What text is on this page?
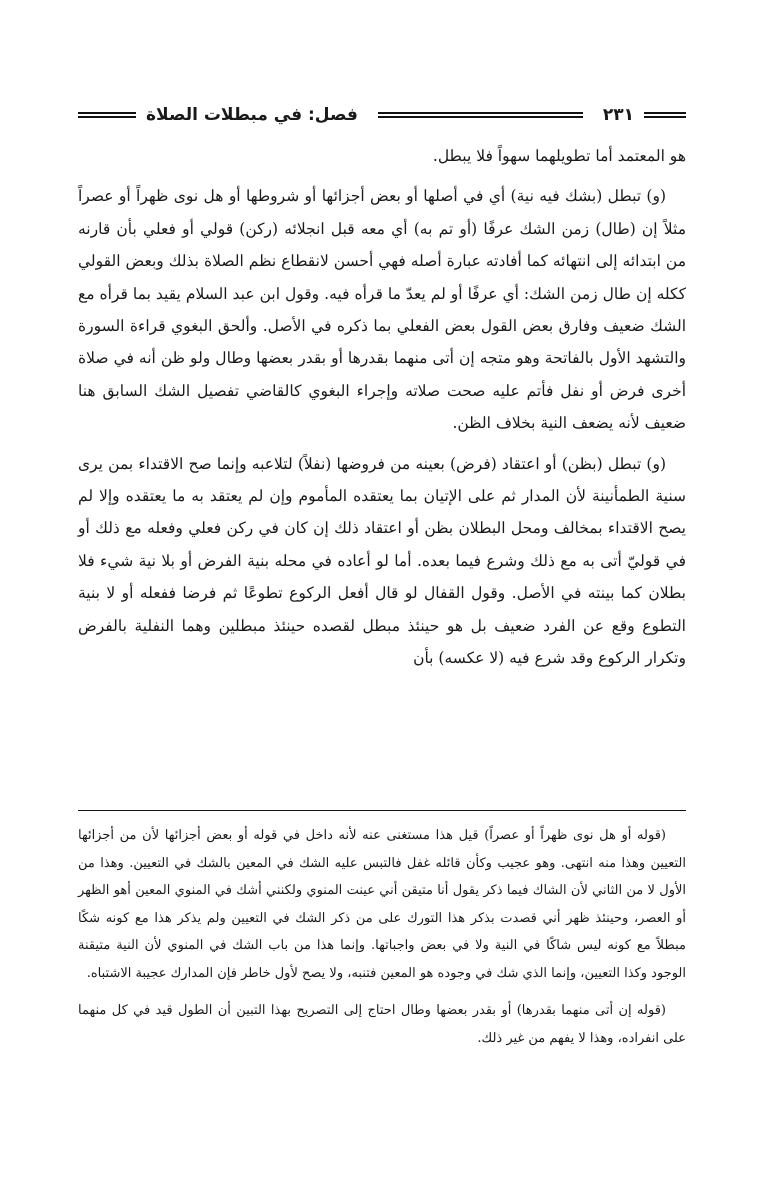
فصل: في مبطلات الصلاة	٢٣١

هو المعتمد أما تطويلهما سهواً فلا يبطل.

(و) تبطل (بشك فيه نية) أي في أصلها أو بعض أجزائها أو شروطها أو هل نوى ظهراً أو عصراً مثلاً إن (طال) زمن الشك عرفًا (أو تم به) أي معه قبل انجلائه (ركن) قولي أو فعلي بأن قارنه من ابتدائه إلى انتهائه كما أفادته عبارة أصله فهي أحسن لانقطاع نظم الصلاة بذلك وبعض القولي ككله إن طال زمن الشك: أي عرفًا أو لم يعدّ ما قرأه فيه. وقول ابن عبد السلام يقيد بما قرأه مع الشك ضعيف وفارق بعض القول بعض الفعلي بما ذكره في الأصل. وألحق البغوي قراءة السورة والتشهد الأول بالفاتحة وهو متجه إن أتى منهما بقدرها أو بقدر بعضها وطال ولو ظن أنه في صلاة أخرى فرض أو نفل فأتم عليه صحت صلاته وإجراء البغوي كالقاضي تفصيل الشك السابق هنا ضعيف لأنه يضعف النية بخلاف الظن.

(و) تبطل (بظن) أو اعتقاد (فرض) بعينه من فروضها (نفلاً) لتلاعبه وإنما صح الاقتداء بمن يرى سنية الطمأنينة لأن المدار ثم على الإتيان بما يعتقده المأموم وإن لم يعتقد به ما يعتقده وإلا لم يصح الاقتداء بمخالف ومحل البطلان بظن أو اعتقاد ذلك إن كان في ركن فعلي وفعله مع ذلك أو في قوليّ أتى به مع ذلك وشرع فيما بعده. أما لو أعاده في محله بنية الفرض أو بلا نية شيء فلا بطلان كما بينته في الأصل. وقول القفال لو قال أفعل الركوع تطوعًا ثم فرضا ففعله أو لا بنية التطوع وقع عن الفرد ضعيف بل هو حينئذ مبطل لقصده حينئذ مبطلين وهما النفلية بالفرض وتكرار الركوع وقد شرع فيه (لا عكسه) بأن

(قوله أو هل نوى ظهراً أو عصراً) قيل هذا مستغنى عنه لأنه داخل في قوله أو بعض أجزائها لأن من أجزائها التعيين وهذا منه انتهى. وهو عجيب وكأن قائله غفل فالتبس عليه الشك في المعين بالشك في التعيين. وهذا من الأول لا من الثاني لأن الشاك فيما ذكر يقول أنا متيقن أني عينت المنوي ولكنني أشك في المنوي المعين أهو الظهر أو العصر، وحينئذ ظهر أني قصدت بذكر هذا التورك على من ذكر الشك في التعيين ولم يذكر هذا مع كونه شكًا مبطلاً مع كونه ليس شاكًا في النية ولا في بعض واجباتها. وإنما هذا من باب الشك في المنوي لأن النية متيقنة الوجود وكذا التعيين، وإنما الذي شك في وجوده هو المعين فتنبه، ولا يصح لأول خاطر فإن المدارك عجيبة الاشتباه.

(قوله إن أتى منهما بقدرها) أو بقدر بعضها وطال احتاج إلى التصريح بهذا التبين أن الطول قيد في كل منهما على انفراده، وهذا لا يفهم من غير ذلك.
